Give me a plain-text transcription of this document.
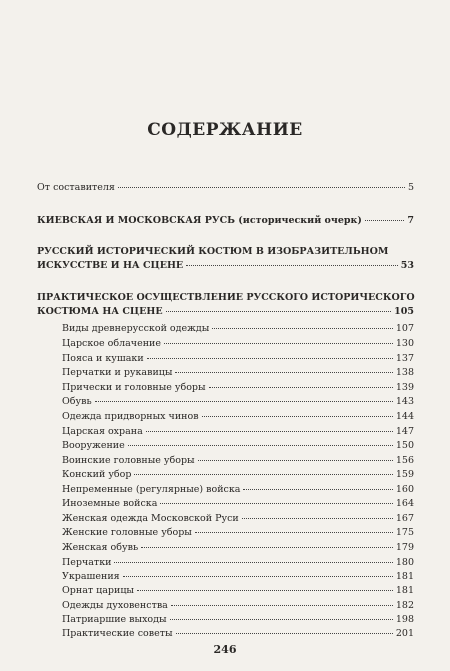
СОДЕРЖАНИЕ
От составителя	5
КИЕВСКАЯ И МОСКОВСКАЯ РУСЬ (исторический очерк)	7
РУССКИЙ ИСТОРИЧЕСКИЙ КОСТЮМ В ИЗОБРАЗИТЕЛЬНОМ
ИСКУССТВЕ И НА СЦЕНЕ	53
ПРАКТИЧЕСКОЕ ОСУЩЕСТВЛЕНИЕ РУССКОГО ИСТОРИЧЕСКОГО
КОСТЮМА НА СЦЕНЕ	105
Виды древнерусской одежды	107
Царское облачение	130
Пояса и кушаки	137
Перчатки и рукавицы	138
Прически и головные уборы	139
Обувь	143
Одежда придворных чинов	144
Царская охрана	147
Вооружение	150
Воинские головные уборы	156
Конский убор	159
Непременные (регулярные) войска	160
Иноземные войска	164
Женская одежда Московской Руси	167
Женские головные уборы	175
Женская обувь	179
Перчатки	180
Украшения	181
Орнат царицы	181
Одежды духовенства	182
Патриаршие выходы	198
Практические советы	201
246
